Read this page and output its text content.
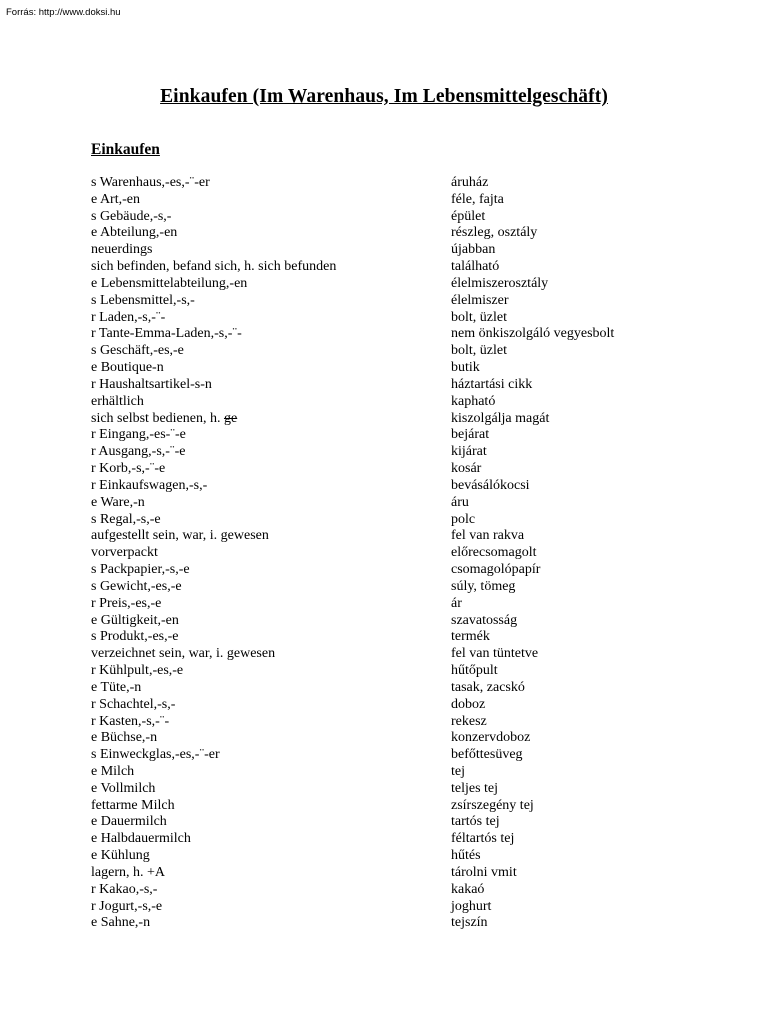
Forrás: http://www.doksi.hu
Einkaufen (Im Warenhaus, Im Lebensmittelgeschäft)
Einkaufen
s Warenhaus,-es,-¨-er	áruház
e Art,-en	féle, fajta
s Gebäude,-s,-	épület
e Abteilung,-en	részleg, osztály
neuerdings	újabban
sich befinden, befand sich, h. sich befunden	található
e Lebensmittelabteilung,-en	élelmiszerosztály
s Lebensmittel,-s,-	élelmiszer
r Laden,-s,-¨-	bolt, üzlet
r Tante-Emma-Laden,-s,-¨-	nem önkiszolgáló vegyesbolt
s Geschäft,-es,-e	bolt, üzlet
e Boutique-n	butik
r Haushaltsartikel-s-n	háztartási cikk
erhältlich	kapható
sich selbst bedienen, h. ge	kiszolgálja magát
r Eingang,-es-¨-e	bejárat
r Ausgang,-s,-¨-e	kijárat
r Korb,-s,-¨-e	kosár
r Einkaufswagen,-s,-	bevásálókocsi
e Ware,-n	áru
s Regal,-s,-e	polc
aufgestellt sein, war, i. gewesen	fel van rakva
vorverpackt	előrecsomagolt
s Packpapier,-s,-e	csomagolópapír
s Gewicht,-es,-e	súly, tömeg
r Preis,-es,-e	ár
e Gültigkeit,-en	szavatosság
s Produkt,-es,-e	termék
verzeichnet sein, war, i. gewesen	fel van tüntetve
r Kühlpult,-es,-e	hűtőpult
e Tüte,-n	tasak, zacskó
r Schachtel,-s,-	doboz
r Kasten,-s,-¨-	rekesz
e Büchse,-n	konzervdoboz
s Einweckglas,-es,-¨-er	befőttesüveg
e Milch	tej
e Vollmilch	teljes tej
fettarme Milch	zsírszegény tej
e Dauermilch	tartós tej
e Halbdauermilch	féltartós tej
e Kühlung	hűtés
lagern, h. +A	tárolni vmit
r Kakao,-s,-	kakaó
r Jogurt,-s,-e	joghurt
e Sahne,-n	tejszín
